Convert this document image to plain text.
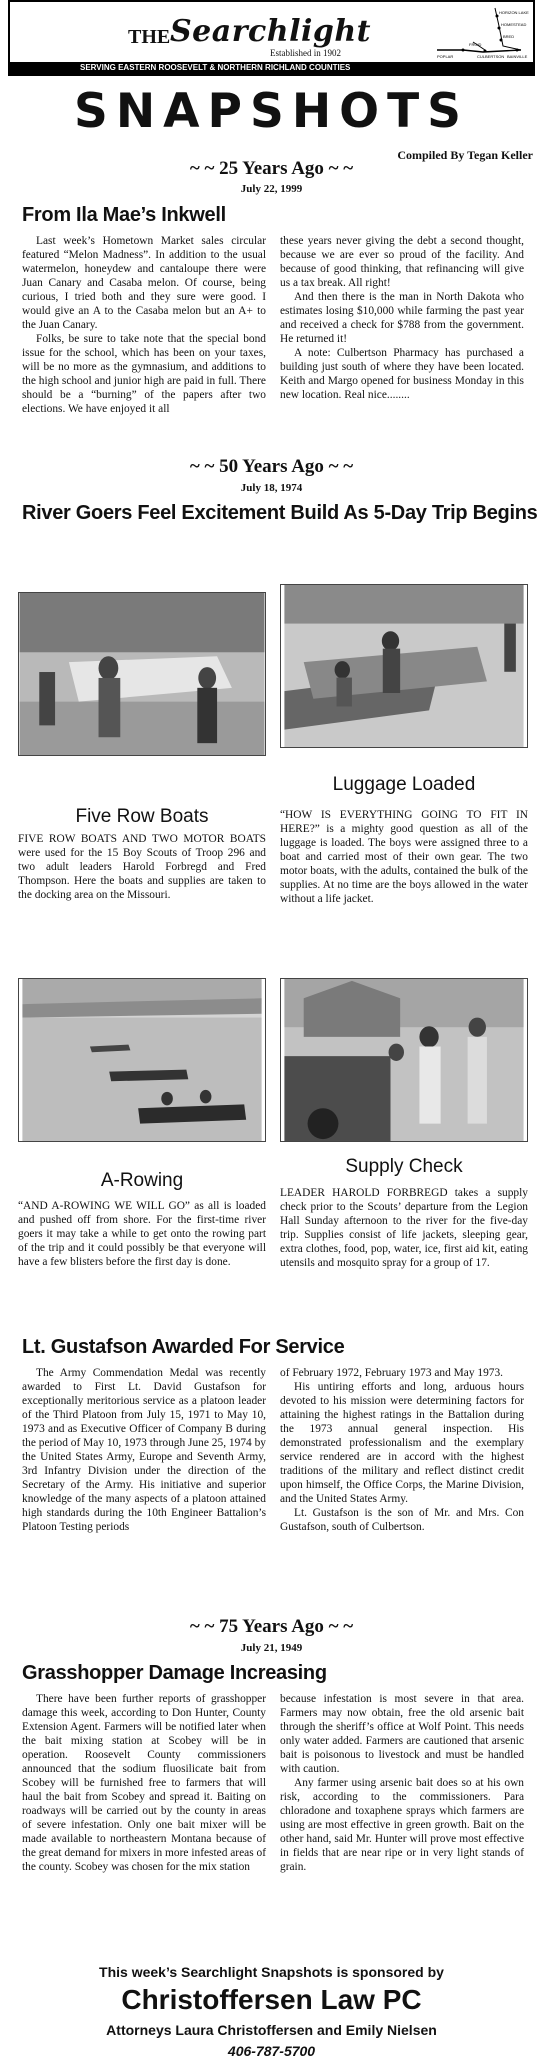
THE Searchlight
Established in 1902
HORIZON LAKE
HOMESTEAD
BRED
FROID
CULBERTSON BAINVILLE
POPLAR
SERVING EASTERN ROOSEVELT & NORTHERN RICHLAND COUNTIES
SNAPSHOTS
Compiled By Tegan Keller
~ ~ 25 Years Ago ~ ~
July 22, 1999
From Ila Mae’s Inkwell

Last week’s Hometown Market sales circular featured “Melon Madness”. In addition to the usual watermelon, honeydew and cantaloupe there were Juan Canary and Casaba melon. Of course, being curious, I tried both and they sure were good. I would give an A to the Casaba melon but an A+ to the Juan Canary.

Folks, be sure to take note that the special bond issue for the school, which has been on your taxes, will be no more as the gymnasium, and additions to the high school and junior high are paid in full. There should be a “burning” of the papers after two elections. We have enjoyed it all

these years never giving the debt a second thought, because we are ever so proud of the facility. And because of good thinking, that refinancing will give us a tax break. All right!

And then there is the man in North Dakota who estimates losing $10,000 while farming the past year and received a check for $788 from the government. He returned it!

A note: Culbertson Pharmacy has purchased a building just south of where they have been located. Keith and Margo opened for business Monday in this new location. Real nice........

~ ~ 50 Years Ago ~ ~
July 18, 1974
River Goers Feel Excitement Build As 5-Day Trip Begins
Five Row Boats
FIVE ROW BOATS AND TWO MOTOR BOATS were used for the 15 Boy Scouts of Troop 296 and two adult leaders Harold Forbregd and Fred Thompson. Here the boats and supplies are taken to the docking area on the Missouri.
Luggage Loaded
“HOW IS EVERYTHING GOING TO FIT IN HERE?” is a mighty good question as all of the luggage is loaded. The boys were assigned three to a boat and carried most of their own gear. The two motor boats, with the adults, contained the bulk of the supplies. At no time are the boys allowed in the water without a life jacket.
A-Rowing
“AND A-ROWING WE WILL GO” as all is loaded and pushed off from shore. For the first-time river goers it may take a while to get onto the rowing part of the trip and it could possibly be that everyone will have a few blisters before the first day is done.
Supply Check
LEADER HAROLD FORBREGD takes a supply check prior to the Scouts’ departure from the Legion Hall Sunday afternoon to the river for the five-day trip. Supplies consist of life jackets, sleeping gear, extra clothes, food, pop, water, ice, first aid kit, eating utensils and mosquito spray for a group of 17.
Lt. Gustafson Awarded For Service

The Army Commendation Medal was recently awarded to First Lt. David Gustafson for exceptionally meritorious service as a platoon leader of the Third Platoon from July 15, 1971 to May 10, 1973 and as Executive Officer of Company B during the period of May 10, 1973 through June 25, 1974 by the United States Army, Europe and Seventh Army, 3rd Infantry Division under the direction of the Secretary of the Army. His initiative and superior knowledge of the many aspects of a platoon attained high standards during the 10th Engineer Battalion’s Platoon Testing periods

of February 1972, February 1973 and May 1973.

His untiring efforts and long, arduous hours devoted to his mission were determining factors for attaining the highest ratings in the Battalion during the 1973 annual general inspection. His demonstrated professionalism and the exemplary service rendered are in accord with the highest traditions of the military and reflect distinct credit upon himself, the Office Corps, the Marine Division, and the United States Army.

Lt. Gustafson is the son of Mr. and Mrs. Con Gustafson, south of Culbertson.

~ ~ 75 Years Ago ~ ~
July 21, 1949
Grasshopper Damage Increasing

There have been further reports of grasshopper damage this week, according to Don Hunter, County Extension Agent. Farmers will be notified later when the bait mixing station at Scobey will be in operation. Roosevelt County commissioners announced that the sodium fluosilicate bait from Scobey will be furnished free to farmers that will haul the bait from Scobey and spread it. Baiting on roadways will be carried out by the county in areas of severe infestation. Only one bait mixer will be made available to northeastern Montana because of the great demand for mixers in more infested areas of the county. Scobey was chosen for the mix station

because infestation is most severe in that area. Farmers may now obtain, free the old arsenic bait through the sheriff’s office at Wolf Point. This needs only water added. Farmers are cautioned that arsenic bait is poisonous to livestock and must be handled with caution.

Any farmer using arsenic bait does so at his own risk, according to the commissioners. Para chloradone and toxaphene sprays which farmers are using are most effective in green growth. Bait on the other hand, said Mr. Hunter will prove most effective in fields that are near ripe or in very light stands of grain.

This week’s Searchlight Snapshots is sponsored by
Christoffersen Law PC
Attorneys Laura Christoffersen and Emily Nielsen
406-787-5700
